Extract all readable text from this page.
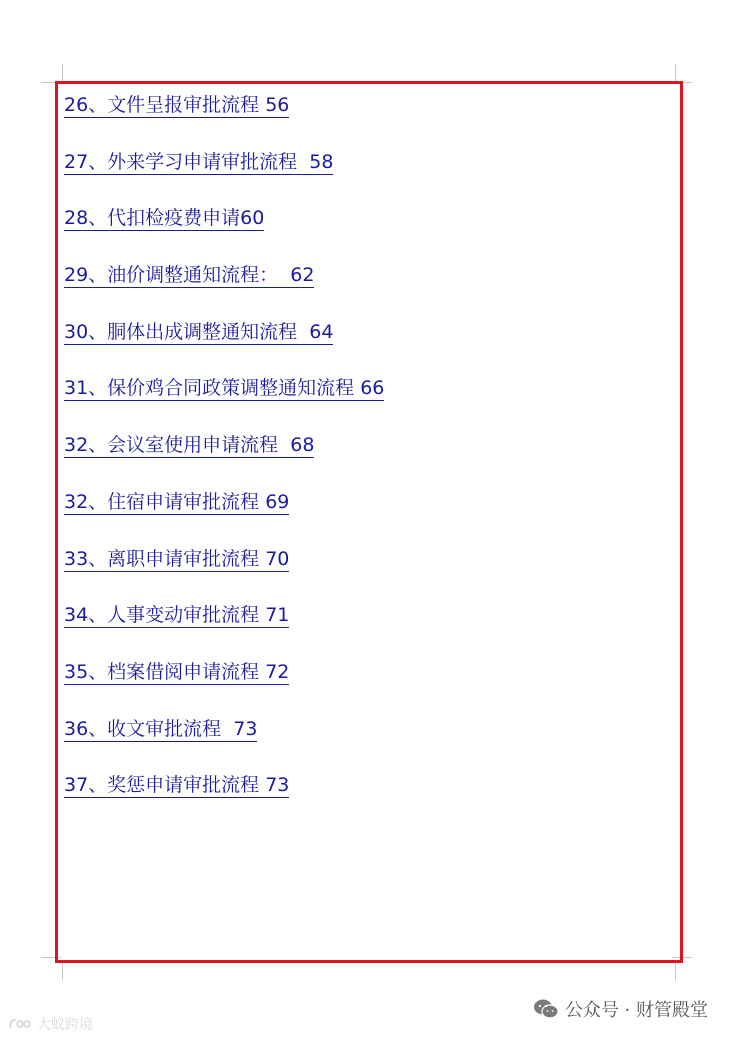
26、文件呈报审批流程 56
27、外来学习申请审批流程  58
28、代扣检疫费申请60
29、油价调整通知流程：  62
30、胴体出成调整通知流程  64
31、保价鸡合同政策调整通知流程 66
32、会议室使用申请流程  68
32、住宿申请审批流程 69
33、离职申请审批流程 70
34、人事变动审批流程 71
35、档案借阅申请流程 72
36、收文审批流程  73
37、奖惩申请审批流程 73
公众号 · 财管殿堂
大蚁跨境
